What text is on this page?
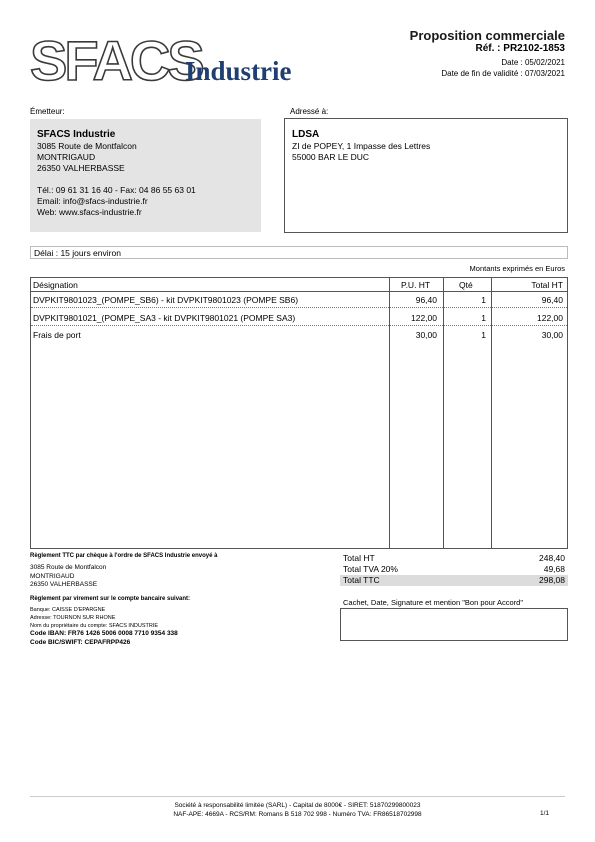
SFACS
Industrie
Proposition commerciale
Réf. : PR2102-1853
Date : 05/02/2021
Date de fin de validité : 07/03/2021
Émetteur:
SFACS Industrie
3085 Route de Montfalcon
MONTRIGAUD
26350 VALHERBASSE
Tél.: 09 61 31 16 40 - Fax: 04 86 55 63 01
Email: info@sfacs-industrie.fr
Web: www.sfacs-industrie.fr
Adressé à:
LDSA
ZI de POPEY, 1 Impasse des Lettres
55000 BAR LE DUC
Délai : 15 jours environ
Montants exprimés en Euros
Désignation	P.U. HT	Qté	Total HT
DVPKIT9801023_(POMPE_SB6) - kit DVPKIT9801023 (POMPE SB6)	96,40	1	96,40
DVPKIT9801021_(POMPE_SA3 - kit DVPKIT9801021 (POMPE SA3)	122,00	1	122,00
Frais de port	30,00	1	30,00
Règlement TTC par chèque à l'ordre de SFACS Industrie envoyé à
3085 Route de Montfalcon
MONTRIGAUD
26350 VALHERBASSE
Règlement par virement sur le compte bancaire suivant:
Banque: CAISSE D'EPARGNE
Adresse: TOURNON SUR RHONE
Nom du propriétaire du compte: SFACS INDUSTRIE
Code IBAN: FR76 1426 5006 0008 7710 9354 338
Code BIC/SWIFT: CEPAFRPP426
Total HT	248,40
Total TVA 20%	49,68
Total TTC	298,08
Cachet, Date, Signature et mention "Bon pour Accord"
Société à responsabilité limitée (SARL) - Capital de 8000€ - SIRET: 51870299800023
NAF-APE: 4669A - RCS/RM: Romans B 518 702 998 - Numéro TVA: FR86518702998	1/1
